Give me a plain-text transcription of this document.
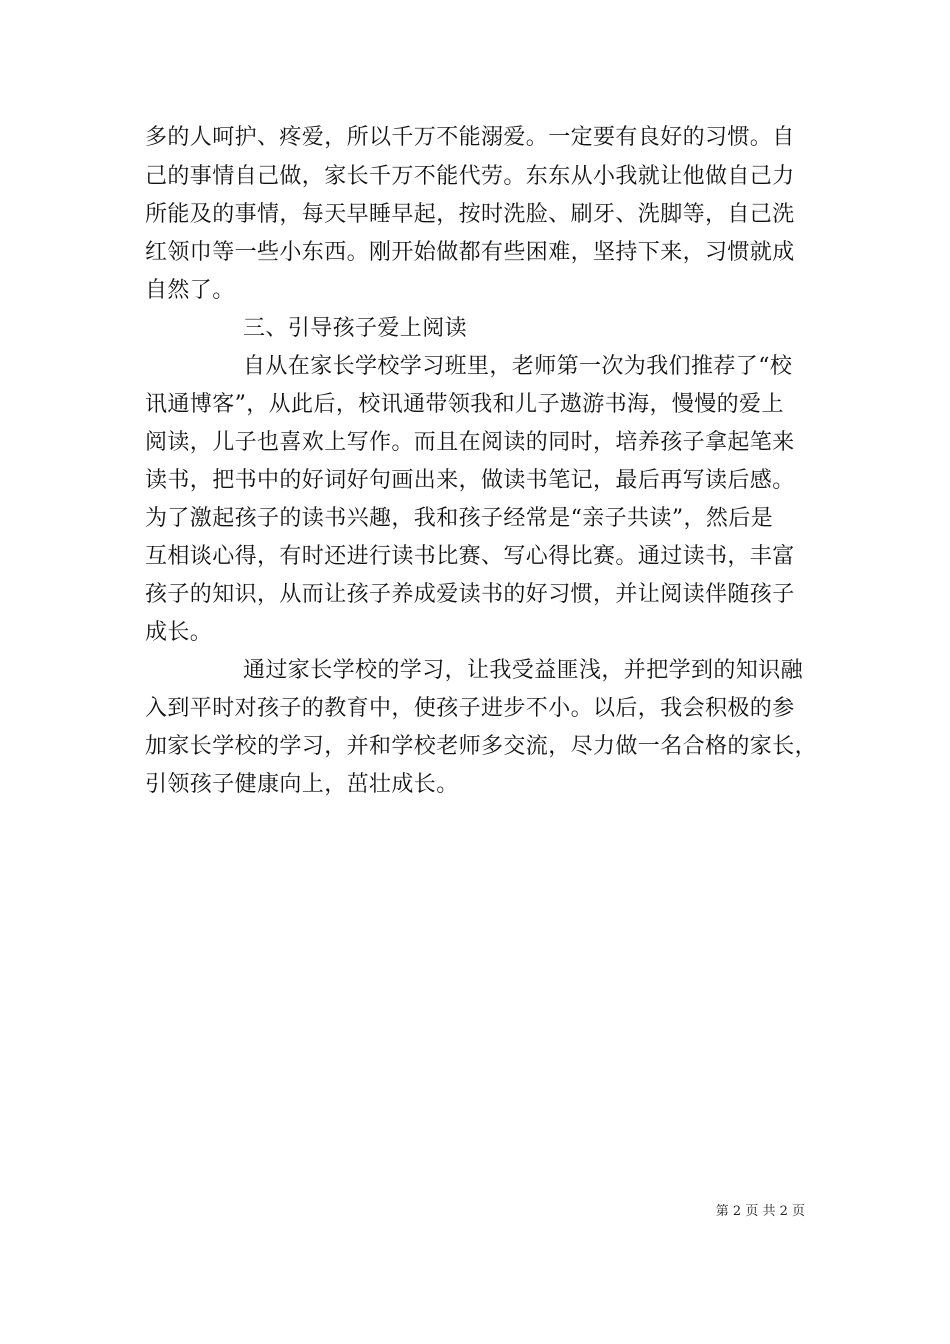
多的人呵护、疼爱，所以千万不能溺爱。一定要有良好的习惯。自
己的事情自己做，家长千万不能代劳。东东从小我就让他做自己力
所能及的事情，每天早睡早起，按时洗脸、刷牙、洗脚等，自己洗
红领巾等一些小东西。刚开始做都有些困难，坚持下来，习惯就成
自然了。
三、引导孩子爱上阅读
自从在家长学校学习班里，老师第一次为我们推荐了“校
讯通博客”，从此后，校讯通带领我和儿子遨游书海，慢慢的爱上
阅读，儿子也喜欢上写作。而且在阅读的同时，培养孩子拿起笔来
读书，把书中的好词好句画出来，做读书笔记，最后再写读后感。
为了激起孩子的读书兴趣，我和孩子经常是“亲子共读”，然后是
互相谈心得，有时还进行读书比赛、写心得比赛。通过读书，丰富
孩子的知识，从而让孩子养成爱读书的好习惯，并让阅读伴随孩子
成长。
通过家长学校的学习，让我受益匪浅，并把学到的知识融
入到平时对孩子的教育中，使孩子进步不小。以后，我会积极的参
加家长学校的学习，并和学校老师多交流，尽力做一名合格的家长，
引领孩子健康向上，茁壮成长。
第 2 页 共 2 页
